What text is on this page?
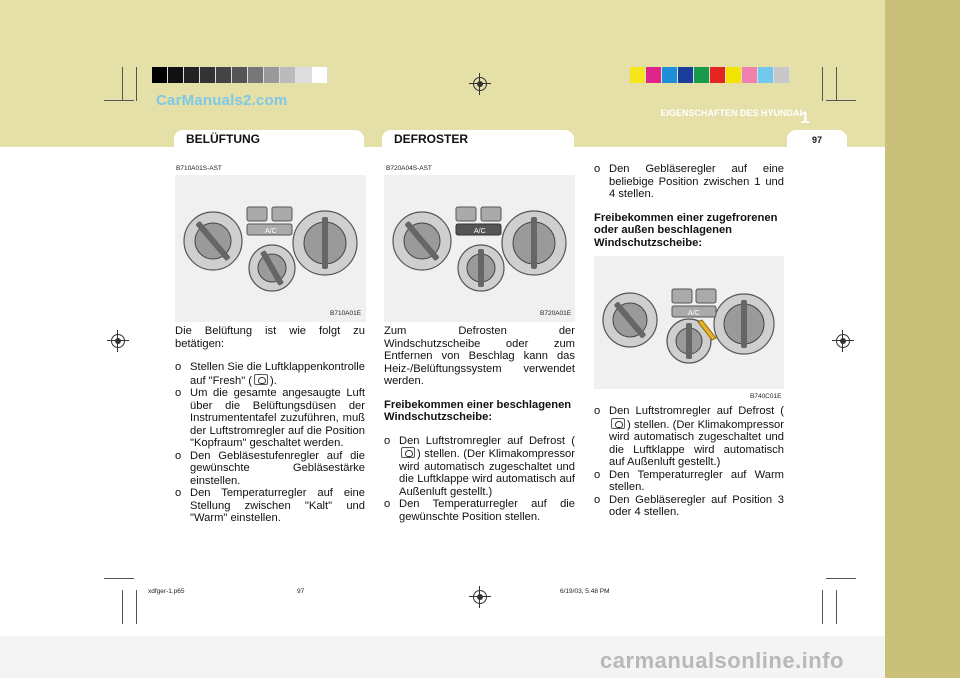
CarManuals2.com
EIGENSCHAFTEN DES HYUNDAI
1
97
BELÜFTUNG	DEFROSTER
B710A01S-AST	B720A04S-AST
A/C
B710A01E
A/C
B720A01E	A/C
B740C01E

Die Belüftung ist wie folgt zu betätigen:

o Stellen Sie die Luftklappenkontrolle auf "Fresh" ( ).
o Um die gesamte angesaugte Luft über die Belüftungsdüsen der Instrumententafel zuzuführen, muß der Luftstromregler auf die Position "Kopfraum" geschaltet werden.
o Den Gebläsestufenregler auf die gewünschte Gebläsestärke einstellen.
o Den Temperaturregler auf eine Stellung zwischen "Kalt" und "Warm" einstellen.

Zum Defrosten der Windschutzscheibe oder zum Entfernen von Beschlag kann das Heiz-/Belüftungssystem verwendet werden.

Freibekommen einer beschlagenen Windschutzscheibe:
o Den Luftstromregler auf Defrost () stellen. (Der Klimakompressor wird automatisch zugeschaltet und die Luftklappe wird automatisch auf Außenluft gestellt.)
o Den Temperaturregler auf die gewünschte Position stellen.
o Den Gebläseregler auf eine beliebige Position zwischen 1 und 4 stellen.
Freibekommen einer zugefrorenen oder außen beschlagenen Windschutzscheibe:
o Den Luftstromregler auf Defrost () stellen. (Der Klimakompressor wird automatisch zugeschaltet und die Luftklappe wird automatisch auf Außenluft gestellt.)
o Den Temperaturregler auf Warm stellen.
o Den Gebläseregler auf Position 3 oder 4 stellen.
xdfger-1.p65	97	6/19/03, 5:48 PM
carmanualsonline.info
